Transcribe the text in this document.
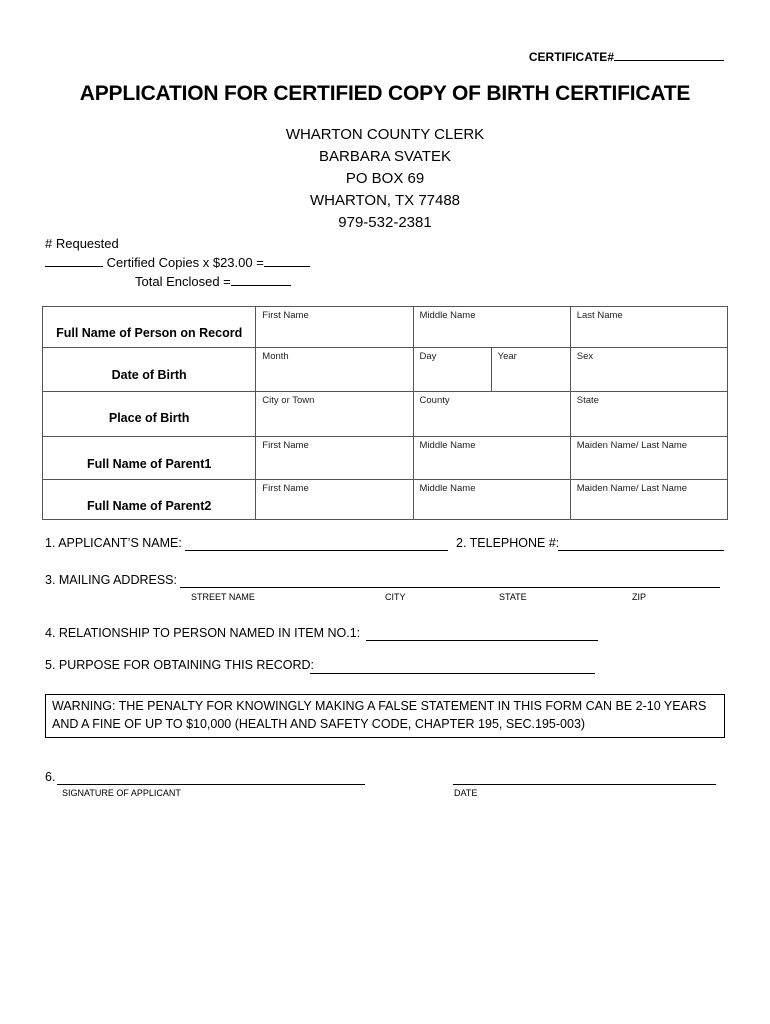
CERTIFICATE#
APPLICATION FOR CERTIFIED COPY OF BIRTH CERTIFICATE
WHARTON COUNTY CLERK
BARBARA SVATEK
PO BOX 69
WHARTON, TX 77488
979-532-2381
# Requested
Certified Copies x $23.00 =
Total Enclosed =
Full Name of Person on Record	First Name	Middle Name		Last Name

Date of Birth	Month	Day	Year	Sex

Place of Birth	City or Town	County		State

Full Name of Parent1	First Name	Middle Name		Maiden Name/ Last Name

Full Name of Parent2	First Name	Middle Name		Maiden Name/ Last Name
1. APPLICANT’S NAME:	2. TELEPHONE #:
3. MAILING ADDRESS:
STREET NAME	CITY	STATE	ZIP
4. RELATIONSHIP TO PERSON NAMED IN ITEM NO.1:
5. PURPOSE FOR OBTAINING THIS RECORD:
WARNING: THE PENALTY FOR KNOWINGLY MAKING A FALSE STATEMENT IN THIS FORM CAN BE 2-10 YEARS AND A FINE OF UP TO $10,000 (HEALTH AND SAFETY CODE, CHAPTER 195, SEC.195-003)
6.
SIGNATURE OF APPLICANT	DATE
